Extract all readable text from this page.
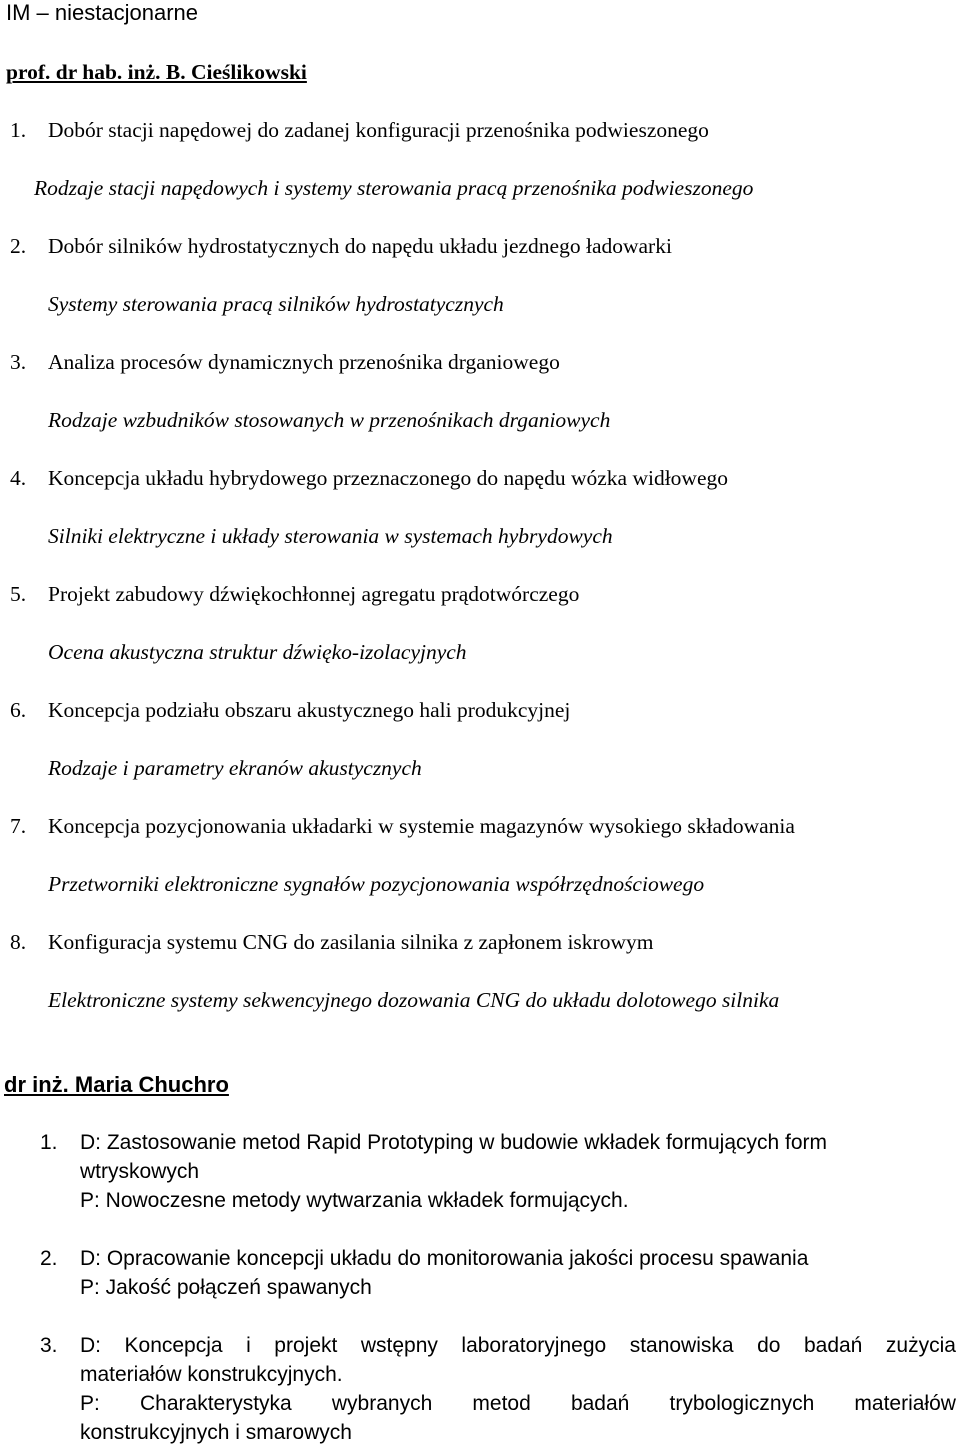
IM – niestacjonarne
prof. dr hab. inż. B. Cieślikowski
1. Dobór stacji napędowej do zadanej konfiguracji przenośnika podwieszonego
Rodzaje stacji napędowych i systemy sterowania pracą przenośnika podwieszonego
2. Dobór silników hydrostatycznych do napędu układu jezdnego ładowarki
Systemy sterowania pracą silników hydrostatycznych
3. Analiza procesów dynamicznych przenośnika drganiowego
Rodzaje wzbudników stosowanych w przenośnikach drganiowych
4. Koncepcja układu hybrydowego przeznaczonego do napędu wózka widłowego
Silniki elektryczne i układy sterowania w systemach hybrydowych
5. Projekt zabudowy dźwiękochłonnej agregatu prądotwórczego
Ocena akustyczna struktur dźwięko-izolacyjnych
6. Koncepcja podziału obszaru akustycznego hali produkcyjnej
Rodzaje i parametry ekranów akustycznych
7. Koncepcja pozycjonowania układarki w systemie magazynów wysokiego składowania
Przetworniki elektroniczne sygnałów pozycjonowania współrzędnościowego
8. Konfiguracja systemu CNG do zasilania silnika z zapłonem iskrowym
Elektroniczne systemy sekwencyjnego dozowania CNG do układu dolotowego silnika
dr inż. Maria Chuchro
1. D: Zastosowanie metod Rapid Prototyping w budowie wkładek formujących form
wtryskowych
P: Nowoczesne metody wytwarzania wkładek formujących.
2. D: Opracowanie koncepcji układu do monitorowania jakości procesu spawania
P: Jakość połączeń spawanych
3. D: Koncepcja i projekt wstępny laboratoryjnego stanowiska do badań zużycia
materiałów konstrukcyjnych.
P: Charakterystyka wybranych metod badań trybologicznych materiałów
konstrukcyjnych i smarowych
